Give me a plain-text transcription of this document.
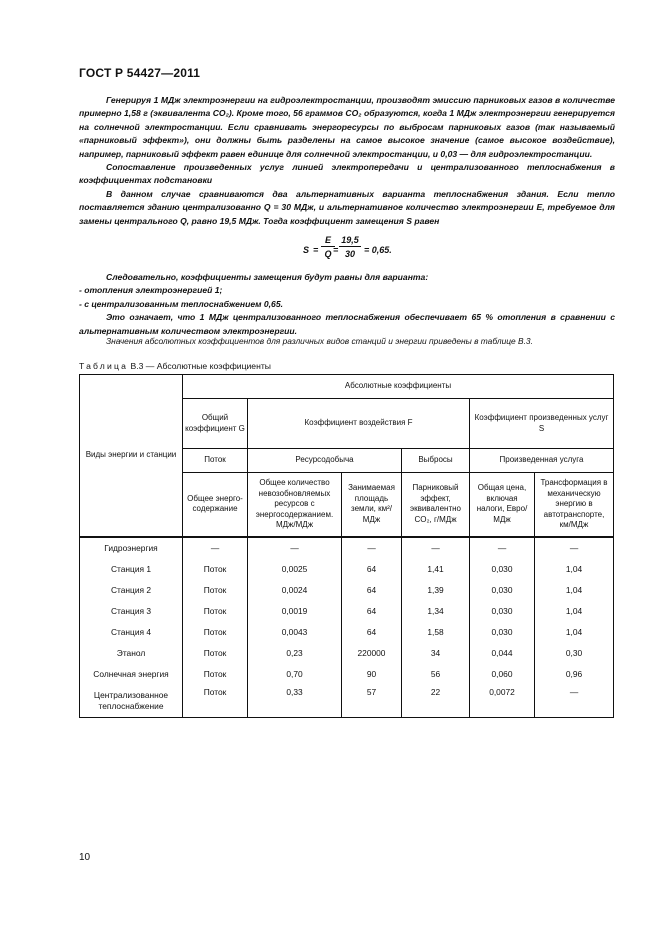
ГОСТ Р 54427—2011

Генерируя 1 МДж электроэнергии на гидроэлектростанции, производят эмиссию парниковых газов в количестве примерно 1,58 г (эквивалента CO₂). Кроме того, 56 граммов CO₂ образуются, когда 1 МДж электроэнергии генерируется на солнечной электростанции. Если сравнивать энергоресурсы по выбросам парниковых газов (так называемый «парниковый эффект»), они должны быть разделены на самое высокое значение (самое высокое воздействие), например, парниковый эффект равен единице для солнечной электростанции, и 0,03 — для гидроэлектростанции.

Сопоставление произведенных услуг линией электропередачи и централизованного теплоснабжения в коэффициентах подстановки

В данном случае сравниваются два альтернативных варианта теплоснабжения здания. Если тепло поставляется зданию централизованно Q = 30 МДж, и альтернативное количество электроэнергии E, требуемое для замены центрального Q, равно 19,5 МДж. Тогда коэффициент замещения S равен

$S = \frac{E}{Q}$
= $\frac{19,5}{30} = 0,65$.

Следовательно, коэффициенты замещения будут равны для варианта:

- отопления электроэнергией 1;

- с централизованным теплоснабжением 0,65.

Это означает, что 1 МДж централизованного теплоснабжения обеспечивает 65 % отопления в сравнении с альтернативным количеством электроэнергии.

Значения абсолютных коэффициентов для различных видов станций и энергии приведены в таблице В.3.
Таблица В.3 — Абсолютные коэффициенты
Виды энергии и станции	Абсолютные коэффициенты					
	Общий коэффициент G	Коэффициент воздействия F			Коэффициент произведенных услуг S	
	Поток	Ресурсодобыча		Выбросы	Произведенная услуга	
	Общее энерго-содержание	Общее количество невозобновляемых ресурсов с энергосодержанием. МДж/МДж	Занимаемая площадь земли, км²/МДж	Парниковый эффект, эквивалентно CO₂, г/МДж	Общая цена, включая налоги, Евро/МДж	Трансформация в механическую энергию в автотранспорте, км/МДж
Гидроэнергия	—	—	—	—	—	—
Станция 1	Поток	0,0025	64	1,41	0,030	1,04
Станция 2	Поток	0,0024	64	1,39	0,030	1,04
Станция 3	Поток	0,0019	64	1,34	0,030	1,04
Станция 4	Поток	0,0043	64	1,58	0,030	1,04
Этанол	Поток	0,23	220000	34	0,044	0,30
Солнечная энергия	Поток	0,70	90	56	0,060	0,96
Централизованное теплоснабжение	Поток	0,33	57	22	0,0072	—
10
